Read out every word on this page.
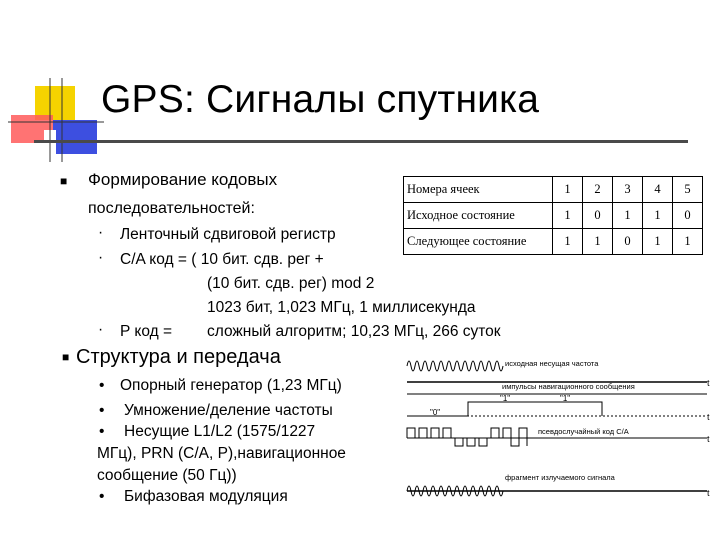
GPS: Сигналы спутника
■ Формирование кодовых
последовательностей:
· Ленточный сдвиговой регистр
· C/A код = ( 10 бит. сдв. рег +
(10 бит. сдв. рег) mod 2
1023 бит, 1,023 МГц, 1 миллисекунда
· P код = сложный алгоритм; 10,23 МГц, 266 суток
Номера ячеек	1	2	3	4	5
Исходное состояние	1	0	1	1	0
Следующее состояние	1	1	0	1	1
■ Структура и передача
• Опорный генератор (1,23 МГц)
• Умножение/деление частоты
• Несущие L1/L2 (1575/1227
МГц), PRN (C/A, P),навигационное
сообщение (50 Гц))
• Бифазовая модуляция
исходная несущая частота
t
импульсы навигационного сообщения
"0"
"1"	"1"
t
псевдослучайный код C/A
t
фрагмент излучаемого сигнала
t
